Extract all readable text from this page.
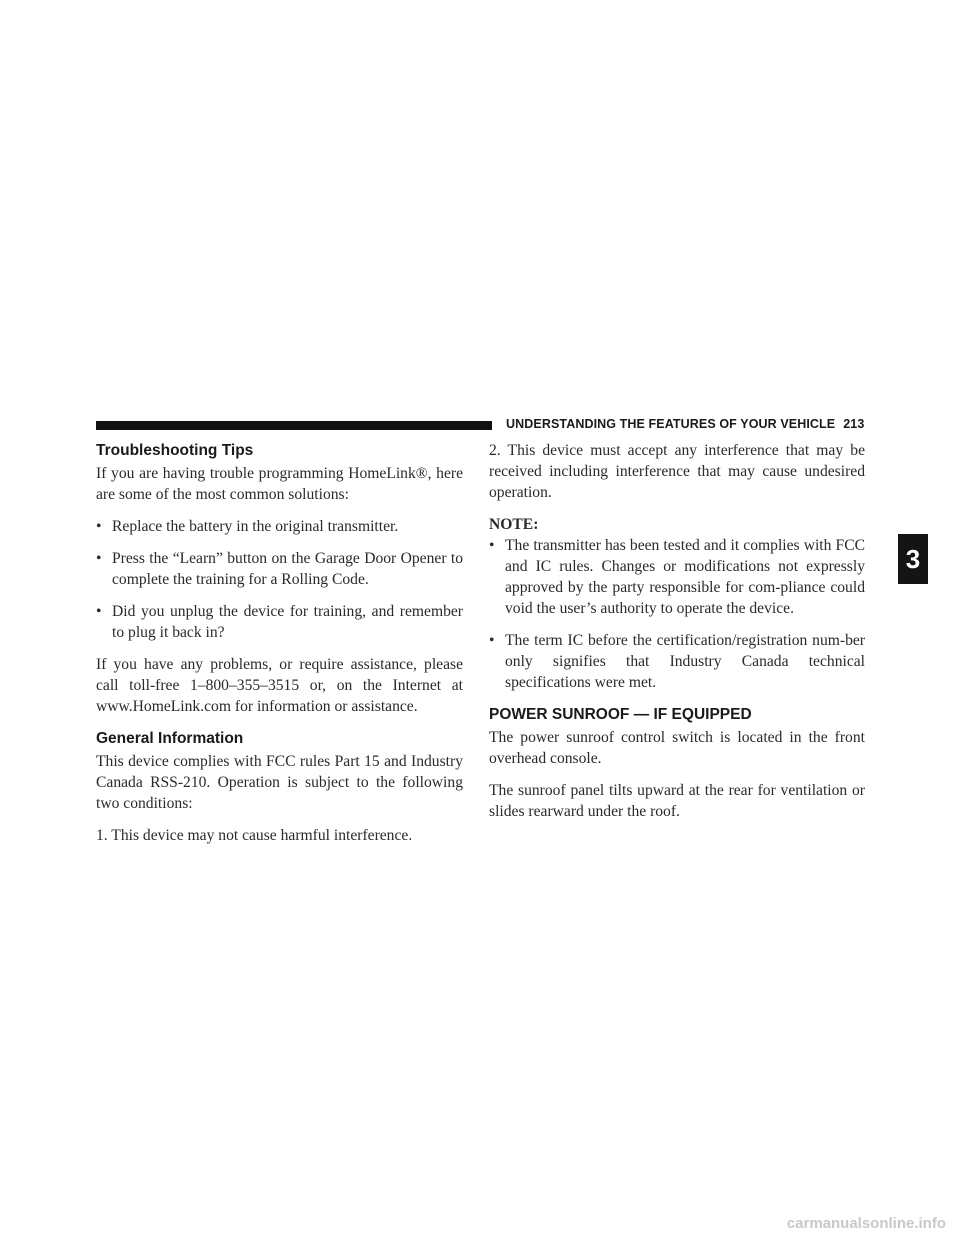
UNDERSTANDING THE FEATURES OF YOUR VEHICLE 213
Troubleshooting Tips

If you are having trouble programming HomeLink®, here are some of the most common solutions:

• Replace the battery in the original transmitter.
• Press the “Learn” button on the Garage Door Opener to complete the training for a Rolling Code.
• Did you unplug the device for training, and remember to plug it back in?

If you have any problems, or require assistance, please call toll-free 1–800–355–3515 or, on the Internet at www.HomeLink.com for information or assistance.

General Information

This device complies with FCC rules Part 15 and Industry Canada RSS-210. Operation is subject to the following two conditions:

1. This device may not cause harmful interference.

2. This device must accept any interference that may be received including interference that may cause undesired operation.

NOTE:

• The transmitter has been tested and it complies with FCC and IC rules. Changes or modifications not expressly approved by the party responsible for com-pliance could void the user’s authority to operate the device.
• The term IC before the certification/registration num-ber only signifies that Industry Canada technical specifications were met.
POWER SUNROOF — IF EQUIPPED

The power sunroof control switch is located in the front overhead console.

The sunroof panel tilts upward at the rear for ventilation or slides rearward under the roof.

3
carmanualsonline.info
